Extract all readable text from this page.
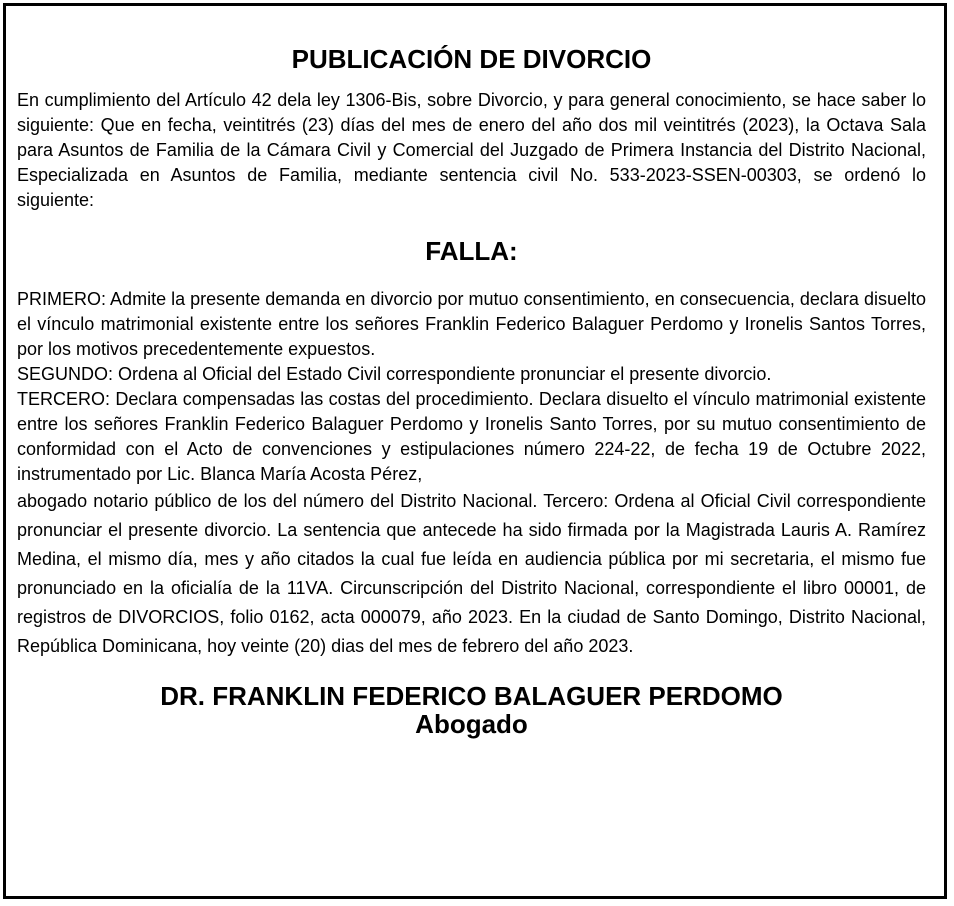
PUBLICACIÓN DE DIVORCIO

En cumplimiento del Artículo 42 dela ley 1306-Bis, sobre Divorcio, y para general conocimiento, se hace saber lo siguiente: Que en fecha, veintitrés (23) días del mes de enero del año dos mil veintitrés (2023), la Octava Sala para Asuntos de Familia de la Cámara Civil y Comercial del Juzgado de Primera Instancia del Distrito Nacional, Especializada en Asuntos de Familia, mediante sentencia civil No. 533-2023-SSEN-00303, se ordenó lo siguiente:

FALLA:

PRIMERO: Admite la presente demanda en divorcio por mutuo consentimiento, en consecuencia, declara disuelto el vínculo matrimonial existente entre los señores Franklin Federico Balaguer Perdomo y Ironelis Santos Torres, por los motivos precedentemente expuestos.

SEGUNDO: Ordena al Oficial del Estado Civil correspondiente pronunciar el presente divorcio.

TERCERO: Declara compensadas las costas del procedimiento. Declara disuelto el vínculo matrimonial existente entre los señores Franklin Federico Balaguer Perdomo y Ironelis Santo Torres, por su mutuo consentimiento de conformidad con el Acto de convenciones y estipulaciones número 224-22, de fecha 19 de Octubre 2022, instrumentado por Lic. Blanca María Acosta Pérez,

abogado notario público de los del número del Distrito Nacional. Tercero: Ordena al Oficial Civil correspondiente pronunciar el presente divorcio. La sentencia que antecede ha sido firmada por la Magistrada Lauris A. Ramírez Medina, el mismo día, mes y año citados la cual fue leída en audiencia pública por mi secretaria, el mismo fue pronunciado en la oficialía de la 11VA. Circunscripción del Distrito Nacional, correspondiente el libro 00001, de registros de DIVORCIOS, folio 0162, acta 000079, año 2023. En la ciudad de Santo Domingo, Distrito Nacional, República Dominicana, hoy veinte (20) dias del mes de febrero del año 2023.

DR. FRANKLIN FEDERICO BALAGUER PERDOMO
Abogado
